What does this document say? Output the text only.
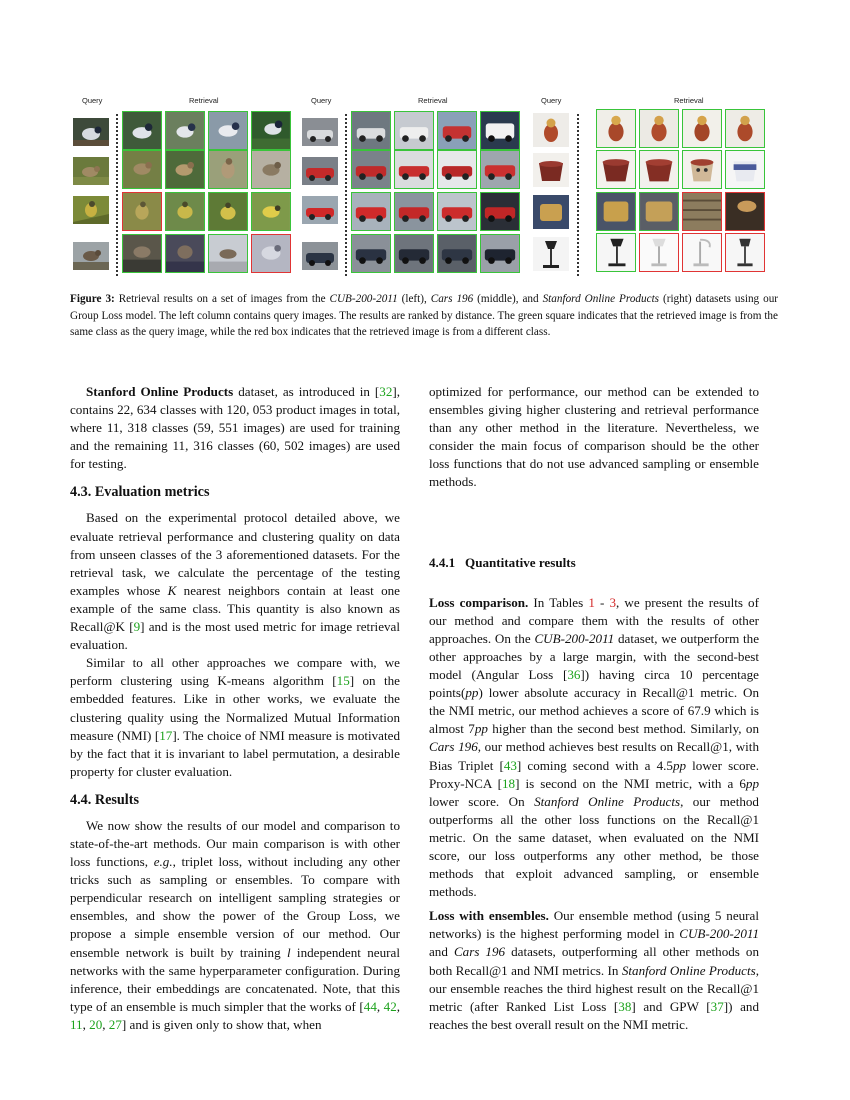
Query	Retrieval	Query	Retrieval	Query	Retrieval
Figure 3: Retrieval results on a set of images from the CUB-200-2011 (left), Cars 196 (middle), and Stanford Online Products (right) datasets using our Group Loss model. The left column contains query images. The results are ranked by distance. The green square indicates that the retrieved image is from the same class as the query image, while the red box indicates that the retrieved image is from a different class.

Stanford Online Products dataset, as introduced in [32], contains 22, 634 classes with 120, 053 product images in total, where 11, 318 classes (59, 551 images) are used for training and the remaining 11, 316 classes (60, 502 images) are used for testing.

4.3. Evaluation metrics

Based on the experimental protocol detailed above, we evaluate retrieval performance and clustering quality on data from unseen classes of the 3 aforementioned datasets. For the retrieval task, we calculate the percentage of the testing examples whose K nearest neighbors contain at least one example of the same class. This quantity is also known as Recall@K [9] and is the most used metric for image retrieval evaluation.

Similar to all other approaches we compare with, we perform clustering using K-means algorithm [15] on the embedded features. Like in other works, we evaluate the clustering quality using the Normalized Mutual Information measure (NMI) [17]. The choice of NMI measure is motivated by the fact that it is invariant to label permutation, a desirable property for cluster evaluation.

4.4. Results

We now show the results of our model and comparison to state-of-the-art methods. Our main comparison is with other loss functions, e.g., triplet loss, without including any other tricks such as sampling or ensembles. To compare with perpendicular research on intelligent sampling strategies or ensembles, and show the power of the Group Loss, we propose a simple ensemble version of our method. Our ensemble network is built by training l independent neural networks with the same hyperparameter configuration. During inference, their embeddings are concatenated. Note, that this type of an ensemble is much simpler that the works of [44, 42, 11, 20, 27] and is given only to show that, when

optimized for performance, our method can be extended to ensembles giving higher clustering and retrieval performance than any other method in the literature. Nevertheless, we consider the main focus of comparison should be the other loss functions that do not use advanced sampling or ensemble methods.

4.4.1   Quantitative results

Loss comparison. In Tables 1 - 3, we present the results of our method and compare them with the results of other approaches. On the CUB-200-2011 dataset, we outperform the other approaches by a large margin, with the second-best model (Angular Loss [36]) having circa 10 percentage points(pp) lower absolute accuracy in Recall@1 metric. On the NMI metric, our method achieves a score of 67.9 which is almost 7pp higher than the second best method. Similarly, on Cars 196, our method achieves best results on Recall@1, with Bias Triplet [43] coming second with a 4.5pp lower score. Proxy-NCA [18] is second on the NMI metric, with a 6pp lower score. On Stanford Online Products, our method outperforms all the other loss functions on the Recall@1 metric. On the same dataset, when evaluated on the NMI score, our loss outperforms any other method, be those methods that exploit advanced sampling, or ensemble methods.

Loss with ensembles. Our ensemble method (using 5 neural networks) is the highest performing model in CUB-200-2011 and Cars 196 datasets, outperforming all other methods on both Recall@1 and NMI metrics. In Stanford Online Products, our ensemble reaches the third highest result on the Recall@1 metric (after Ranked List Loss [38] and GPW [37]) and reaches the best overall result on the NMI metric.
